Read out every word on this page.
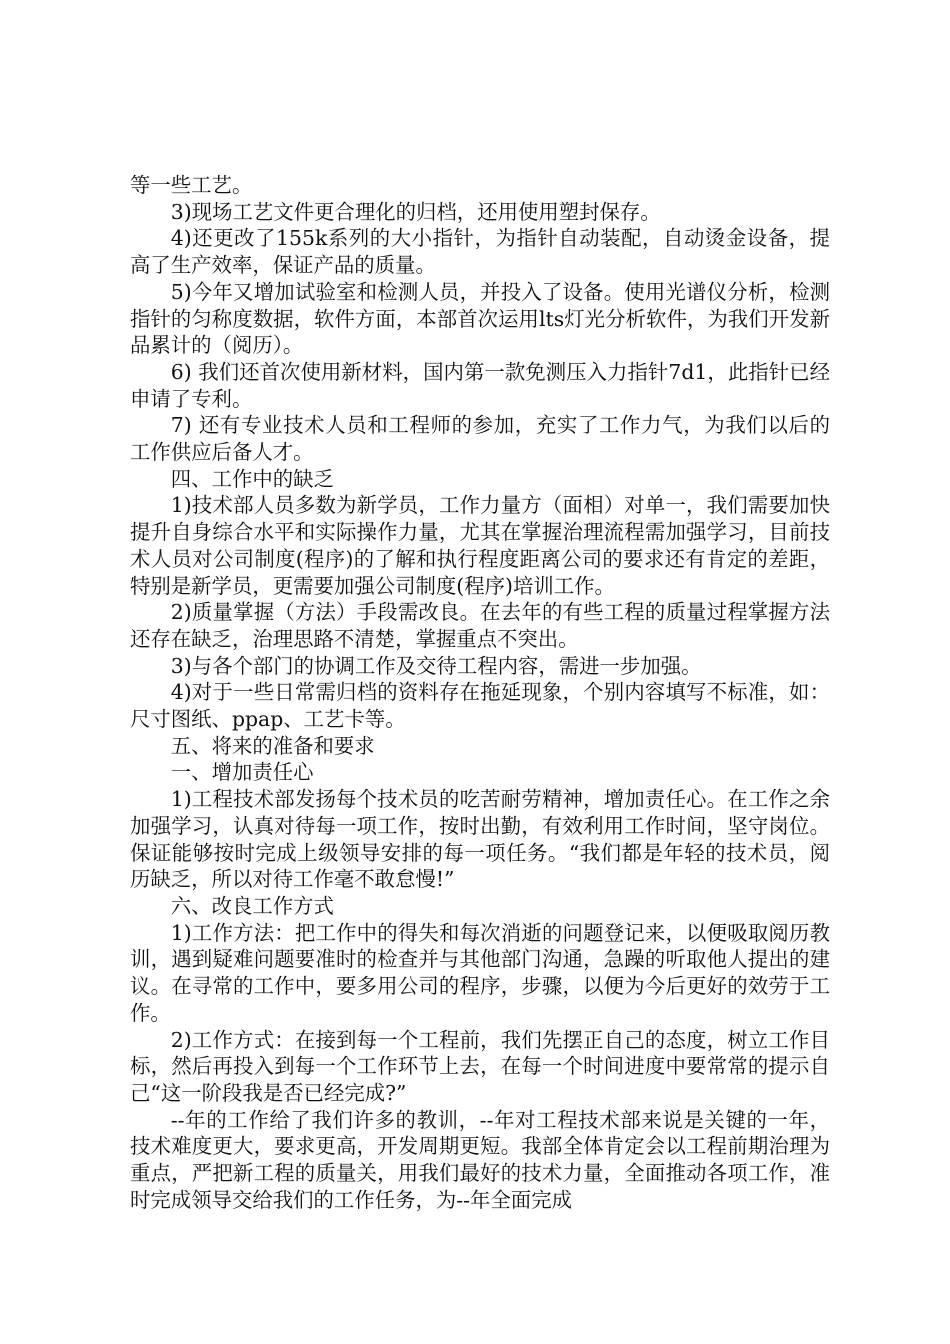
等一些工艺。

3)现场工艺文件更合理化的归档，还用使用塑封保存。

4)还更改了155k系列的大小指针，为指针自动装配，自动烫金设备，提高了生产效率，保证产品的质量。

5)今年又增加试验室和检测人员，并投入了设备。使用光谱仪分析，检测指针的匀称度数据，软件方面，本部首次运用lts灯光分析软件，为我们开发新品累计的（阅历）。

6) 我们还首次使用新材料，国内第一款免测压入力指针7d1，此指针已经申请了专利。

7) 还有专业技术人员和工程师的参加，充实了工作力气，为我们以后的工作供应后备人才。

四、工作中的缺乏

1)技术部人员多数为新学员，工作力量方（面相）对单一，我们需要加快提升自身综合水平和实际操作力量，尤其在掌握治理流程需加强学习，目前技术人员对公司制度(程序)的了解和执行程度距离公司的要求还有肯定的差距，特别是新学员，更需要加强公司制度(程序)培训工作。

2)质量掌握（方法）手段需改良。在去年的有些工程的质量过程掌握方法还存在缺乏，治理思路不清楚，掌握重点不突出。

3)与各个部门的协调工作及交待工程内容，需进一步加强。

4)对于一些日常需归档的资料存在拖延现象，个别内容填写不标准，如：尺寸图纸、ppap、工艺卡等。

五、将来的准备和要求

一、增加责任心

1)工程技术部发扬每个技术员的吃苦耐劳精神，增加责任心。在工作之余加强学习，认真对待每一项工作，按时出勤，有效利用工作时间，坚守岗位。保证能够按时完成上级领导安排的每一项任务。“我们都是年轻的技术员，阅历缺乏，所以对待工作毫不敢怠慢!”

六、改良工作方式

1)工作方法：把工作中的得失和每次消逝的问题登记来，以便吸取阅历教训，遇到疑难问题要准时的检查并与其他部门沟通，急躁的听取他人提出的建议。在寻常的工作中，要多用公司的程序，步骤，以便为今后更好的效劳于工作。

2)工作方式：在接到每一个工程前，我们先摆正自己的态度，树立工作目标，然后再投入到每一个工作环节上去，在每一个时间进度中要常常的提示自己“这一阶段我是否已经完成?”

--年的工作给了我们许多的教训，--年对工程技术部来说是关键的一年，技术难度更大，要求更高，开发周期更短。我部全体肯定会以工程前期治理为重点，严把新工程的质量关，用我们最好的技术力量，全面推动各项工作，准时完成领导交给我们的工作任务，为--年全面完成
